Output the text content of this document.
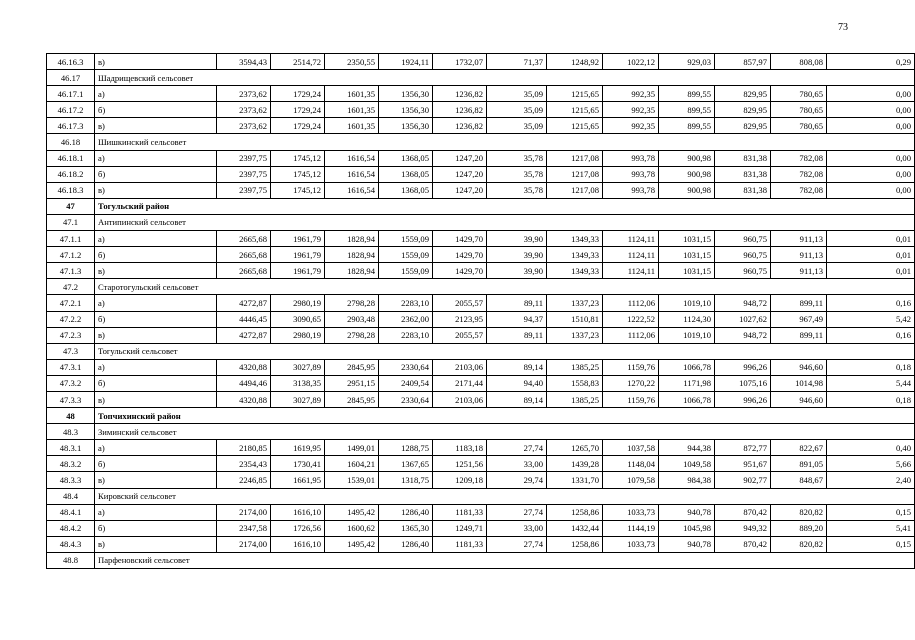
73
46.16.3	в)	3594,43	2514,72	2350,55	1924,11	1732,07	71,37	1248,92	1022,12	929,03	857,97	808,08	0,29
46.17	Шадрищевский сельсовет												
46.17.1	а)	2373,62	1729,24	1601,35	1356,30	1236,82	35,09	1215,65	992,35	899,55	829,95	780,65	0,00
46.17.2	б)	2373,62	1729,24	1601,35	1356,30	1236,82	35,09	1215,65	992,35	899,55	829,95	780,65	0,00
46.17.3	в)	2373,62	1729,24	1601,35	1356,30	1236,82	35,09	1215,65	992,35	899,55	829,95	780,65	0,00
46.18	Шишкинский сельсовет												
46.18.1	а)	2397,75	1745,12	1616,54	1368,05	1247,20	35,78	1217,08	993,78	900,98	831,38	782,08	0,00
46.18.2	б)	2397,75	1745,12	1616,54	1368,05	1247,20	35,78	1217,08	993,78	900,98	831,38	782,08	0,00
46.18.3	в)	2397,75	1745,12	1616,54	1368,05	1247,20	35,78	1217,08	993,78	900,98	831,38	782,08	0,00
47	Тогульский район												
47.1	Антипинский сельсовет												
47.1.1	а)	2665,68	1961,79	1828,94	1559,09	1429,70	39,90	1349,33	1124,11	1031,15	960,75	911,13	0,01
47.1.2	б)	2665,68	1961,79	1828,94	1559,09	1429,70	39,90	1349,33	1124,11	1031,15	960,75	911,13	0,01
47.1.3	в)	2665,68	1961,79	1828,94	1559,09	1429,70	39,90	1349,33	1124,11	1031,15	960,75	911,13	0,01
47.2	Старотогульский сельсовет												
47.2.1	а)	4272,87	2980,19	2798,28	2283,10	2055,57	89,11	1337,23	1112,06	1019,10	948,72	899,11	0,16
47.2.2	б)	4446,45	3090,65	2903,48	2362,00	2123,95	94,37	1510,81	1222,52	1124,30	1027,62	967,49	5,42
47.2.3	в)	4272,87	2980,19	2798,28	2283,10	2055,57	89,11	1337,23	1112,06	1019,10	948,72	899,11	0,16
47.3	Тогульский сельсовет												
47.3.1	а)	4320,88	3027,89	2845,95	2330,64	2103,06	89,14	1385,25	1159,76	1066,78	996,26	946,60	0,18
47.3.2	б)	4494,46	3138,35	2951,15	2409,54	2171,44	94,40	1558,83	1270,22	1171,98	1075,16	1014,98	5,44
47.3.3	в)	4320,88	3027,89	2845,95	2330,64	2103,06	89,14	1385,25	1159,76	1066,78	996,26	946,60	0,18
48	Топчихинский район												
48.3	Зиминский сельсовет												
48.3.1	а)	2180,85	1619,95	1499,01	1288,75	1183,18	27,74	1265,70	1037,58	944,38	872,77	822,67	0,40
48.3.2	б)	2354,43	1730,41	1604,21	1367,65	1251,56	33,00	1439,28	1148,04	1049,58	951,67	891,05	5,66
48.3.3	в)	2246,85	1661,95	1539,01	1318,75	1209,18	29,74	1331,70	1079,58	984,38	902,77	848,67	2,40
48.4	Кировский сельсовет												
48.4.1	а)	2174,00	1616,10	1495,42	1286,40	1181,33	27,74	1258,86	1033,73	940,78	870,42	820,82	0,15
48.4.2	б)	2347,58	1726,56	1600,62	1365,30	1249,71	33,00	1432,44	1144,19	1045,98	949,32	889,20	5,41
48.4.3	в)	2174,00	1616,10	1495,42	1286,40	1181,33	27,74	1258,86	1033,73	940,78	870,42	820,82	0,15
48.8	Парфеновский сельсовет												
